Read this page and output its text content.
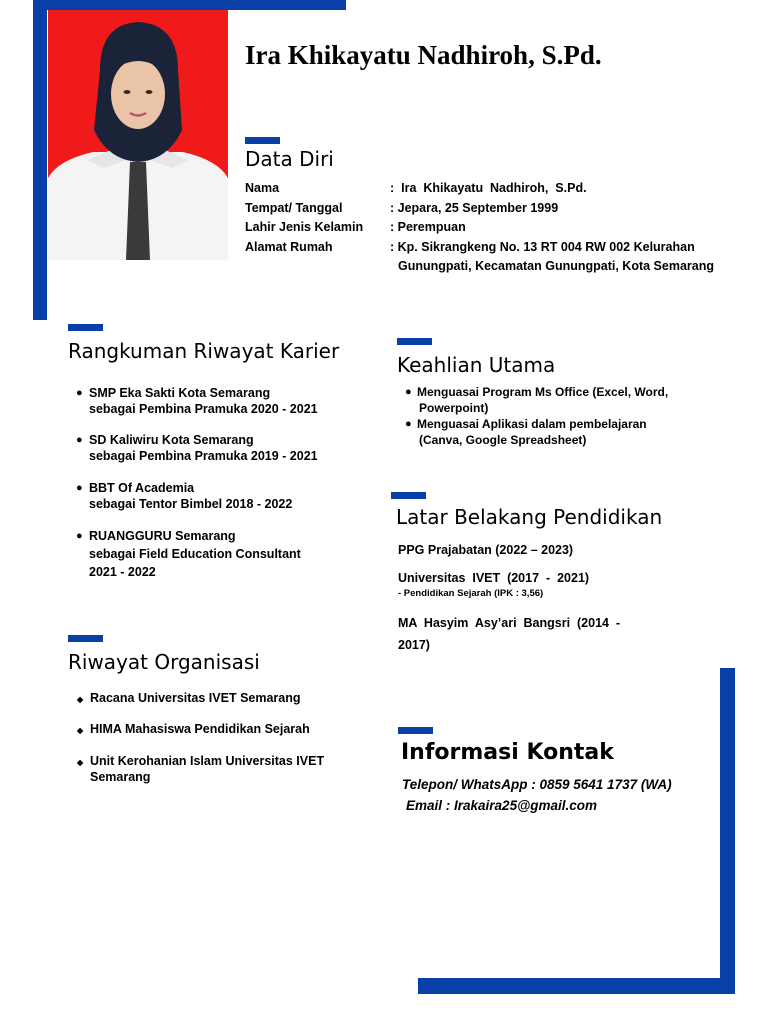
Ira Khikayatu Nadhiroh, S.Pd.
Data Diri
Nama
Tempat/ Tanggal
Lahir Jenis Kelamin
Alamat Rumah
:  Ira  Khikayatu  Nadhiroh,  S.Pd.
: Jepara, 25 September 1999
: Perempuan
: Kp. Sikrangkeng No. 13 RT 004 RW 002 Kelurahan
Gunungpati, Kecamatan Gunungpati, Kota Semarang
Rangkuman Riwayat Karier
● SMP Eka Sakti Kota Semarang
sebagai Pembina Pramuka 2020 - 2021
● SD Kaliwiru Kota Semarang
sebagai Pembina Pramuka 2019 - 2021
● BBT Of Academia
sebagai Tentor Bimbel 2018 - 2022
● RUANGGURU Semarang
sebagai Field Education Consultant
2021 - 2022
Keahlian Utama
● Menguasai Program Ms Office (Excel, Word,
Powerpoint)
● Menguasai Aplikasi dalam pembelajaran
(Canva, Google Spreadsheet)
Latar Belakang Pendidikan
PPG Prajabatan (2022 – 2023)
Universitas  IVET  (2017  -  2021)
- Pendidikan Sejarah (IPK : 3,56)
MA  Hasyim  Asy’ari  Bangsri  (2014  -
2017)
Riwayat Organisasi
◆ Racana Universitas IVET Semarang
◆ HIMA Mahasiswa Pendidikan Sejarah
◆ Unit Kerohanian Islam Universitas IVET
Semarang
Informasi Kontak
Telepon/ WhatsApp : 0859 5641 1737 (WA)
Email : Irakaira25@gmail.com
